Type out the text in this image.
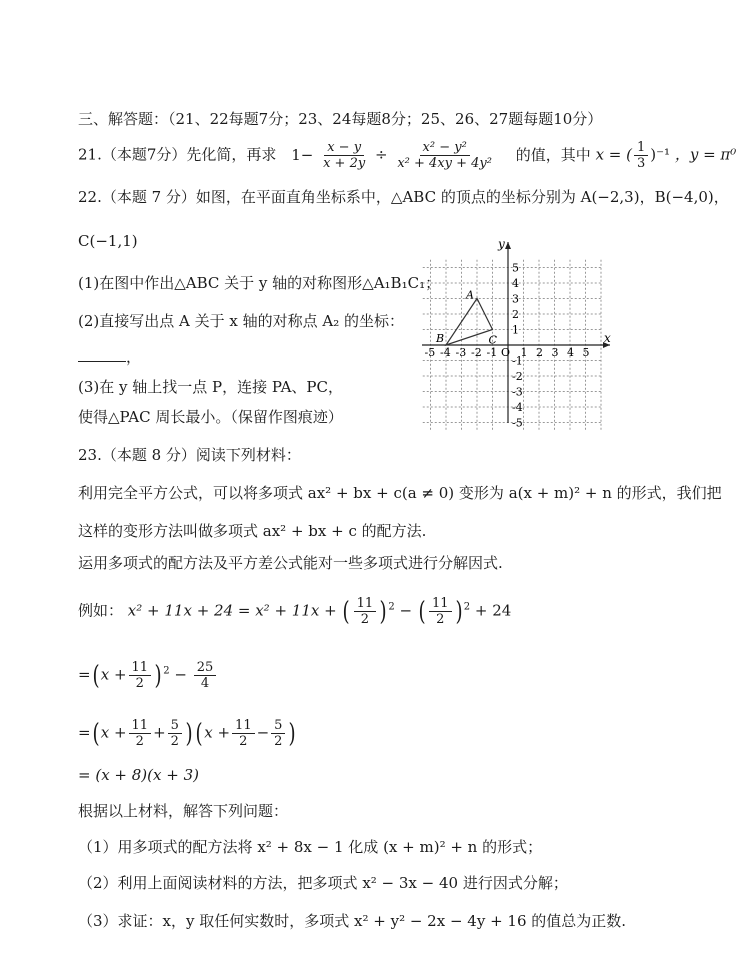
三、解答题：（21、22每题7分；23、24每题8分；25、26、27题每题10分）
21.（本题7分）先化简，再求 $1- \frac{x - y}{x + 2y} \div \frac{\text{x² − y²}}{\text{x² + 4xy + 4y²}}$ 的值，其中 x = ( $\frac{1}{3} )^{-1}$ ，y = π⁰
22.（本题 7 分）如图，在平面直角坐标系中，△ABC 的顶点的坐标分别为 A(−2,3)，B(−4,0)，
C(−1,1)
(1)在图中作出△ABC 关于 y 轴的对称图形△A₁B₁C₁；
(2)直接写出点 A 关于 x 轴的对称点 A₂ 的坐标：
，
(3)在 y 轴上找一点 P，连接 PA、PC，
使得△PAC 周长最小。（保留作图痕迹）
x
y
O
-5 -4 -3 -2 -1 1 2 3 4 5
5
4
3
2
1
-1
-2
-3
-4
-5
A
B	C
23.（本题 8 分）阅读下列材料：
利用完全平方公式，可以将多项式 ax² + bx + c(a ≠ 0) 变形为 a(x + m)² + n 的形式，我们把
这样的变形方法叫做多项式 ax² + bx + c 的配方法.
运用多项式的配方法及平方差公式能对一些多项式进行分解因式.
例如： x² + 11x + 24 = x² + 11x + ( $\frac{11}{2}$ ) $^2$ − ( $\frac{11}{2}$ ) $^2$ + 24
=( $x + \frac{11}{2}$ ) $^2 - \frac{25}{4}$
=( $x + \frac{11}{2} + \frac{5}{2}$ ) ( $x + \frac{11}{2} - \frac{5}{2}$ )
= (x + 8)(x + 3)
根据以上材料，解答下列问题：
（1）用多项式的配方法将 x² + 8x − 1 化成 (x + m)² + n 的形式；
（2）利用上面阅读材料的方法，把多项式 x² − 3x − 40 进行因式分解；
（3）求证：x，y 取任何实数时，多项式 x² + y² − 2x − 4y + 16 的值总为正数.
